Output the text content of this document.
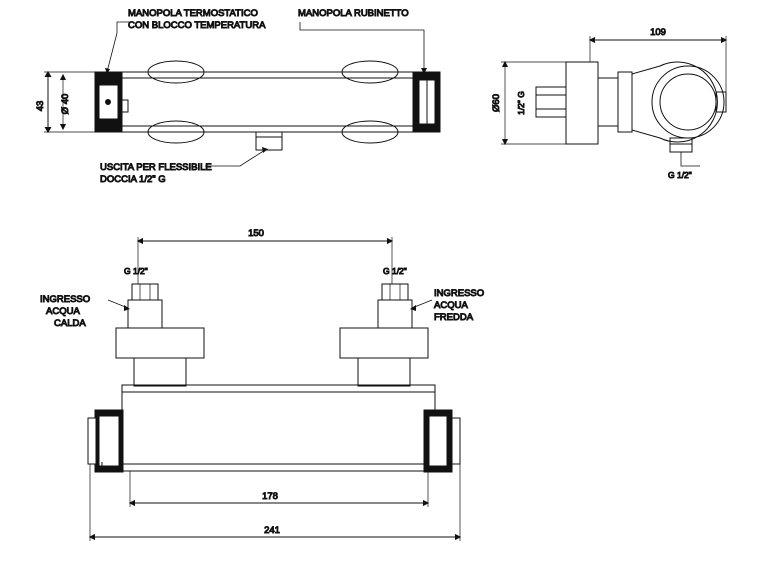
43 Ø 40
MANOPOLA TERMOSTATICO
CON BLOCCO TEMPERATURA
MANOPOLA RUBINETTO
USCITA PER FLESSIBILE
DOCCIA 1/2" G
109
Ø60 1/2" G
G 1/2"
G 1/2"	G 1/2"
INGRESSO
ACQUA
CALDA
INGRESSO
ACQUA
FREDDA
150
178
241
